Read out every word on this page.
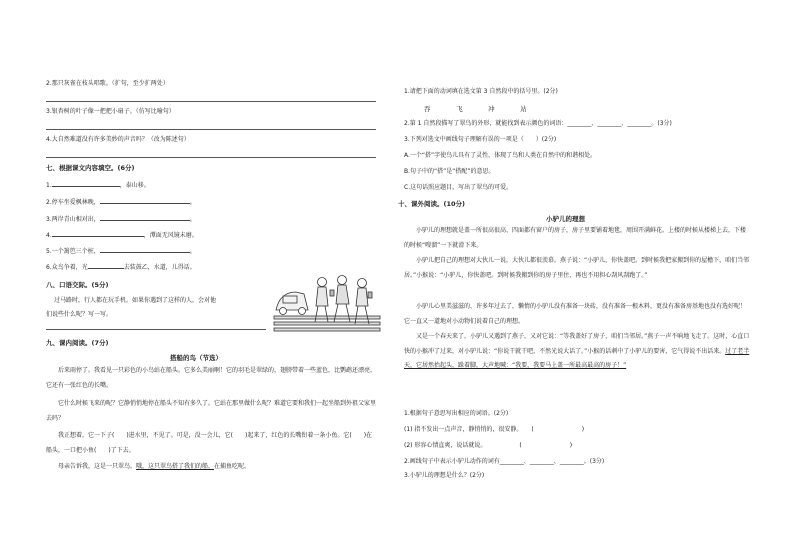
2.那只灰雀在枝头唱歌。（扩句，至少扩两处）
3.银杏树的叶子像一把把小扇子。（仿写比喻句）
4.大自然难道没有许多美妙的声音吗？（改为陈述句）
七、根据课文内容填空。(6分)
1.	，泰山移。
2.停车坐爱枫林晚，	。
3.两岸青山相对出，	。
4.	，潭面无风镜未磨。
5.一个篱笆三个桩，	。
6.众鸟争着，光	去装鼓乙，水道，儿得话。
八、口语交际。(5分)
过马路时，行人都在玩手机。如果你遇到了这样的人，会对他
们说些什么呢？写一写。
九、课内阅读。(7分)
搭船的鸟（节选）
后来雨停了。我看见一只彩色的小鸟站在船头。它多么美丽啊！它的羽毛是翠绿的，翅膀带着一些蓝色，比鹦鹉还漂亮。它还有一张红色的长嘴。
它什么时候飞来的呢？它静悄悄地停在船头不知有多久了。它站在那里做什么呢？难道它要和我们一起坐船到外祖父家里去吗？
我正想着，它一下子(　　)进水里，不见了。可是，没一会儿，它(　　)起来了，红色的长嘴衔着一条小鱼。它(　　)在船头，一口把小鱼(　　)了下去。
母亲告诉我，这是一只翠鸟。哦，这只翠鸟搭了我们的船，在捕鱼吃呢。
1.请把下面的动词填在选文第 3 自然段中的括号里。(2分)
吞	飞	冲	站
2.第 1 自然段描写了翠鸟的外形，就能找到表示颜色的词语：________、________、________。(3分)
3.下列对选文中画线句子理解有误的一项是（　　）(2分)
A.一个“搭”字使鸟儿具有了灵性，体现了鸟和人类在自然中的和谐相处。
B.句子中的“搭”是“搭配”的意思。
C.这句话照应题目，写出了翠鸟的可爱。
十、课外阅读。(10分)
小驴儿的理想
小驴儿的理想就是盖一所很高很高、四面都有窗户的房子，房子里要铺着地毯，周围开满鲜花。上楼的时候从楼梯上去，下楼的时候“嗖溜”一下就滑下来。
小驴儿把自己的理想对大伙儿一说，大伙儿都很羡慕。燕子说：“小驴儿，你快盖吧。到时候我把家搬到你的屋檐下，咱们当邻居。”小猴说：“小驴儿，你快盖吧。到时候我搬到你的房子里住，再也不用担心刮风刮跑了。”
小驴儿心里美滋滋的，许多年过去了，懒惰的小驴儿没有准备一块砖，没有准备一根木料，更没有准备房基地也没有选好呢！它一直又一道地对小动物们说着自己的理想。
又是一个春天来了，小驴儿又遇到了燕子，又对它说：“等我盖好了房子，咱们当邻居。”燕子一声不响地飞走了。这时，心直口快的小猴冲了过来，对小驴儿说：“你说干就干吧，不然光说大话了。”小猴的话刺中了小驴儿的要害，它气得说不出话来。过了老半天，它居然抬起头，跺着脚，大声地喊：“我要，我要马上盖一所最高最高的房子！”
1.根据句子意思写出相应的词语。(2分)
(1) 指不发出一点声音，静悄悄的，很安静。　　(　　　　　　　　)
(2) 形容心情直爽，说话就说。　　　　　　(　　　　　　　　)
2.画线句子中表示小驴儿动作的词有________、________、________。(3分)
3.小驴儿的理想是什么？(2分)
